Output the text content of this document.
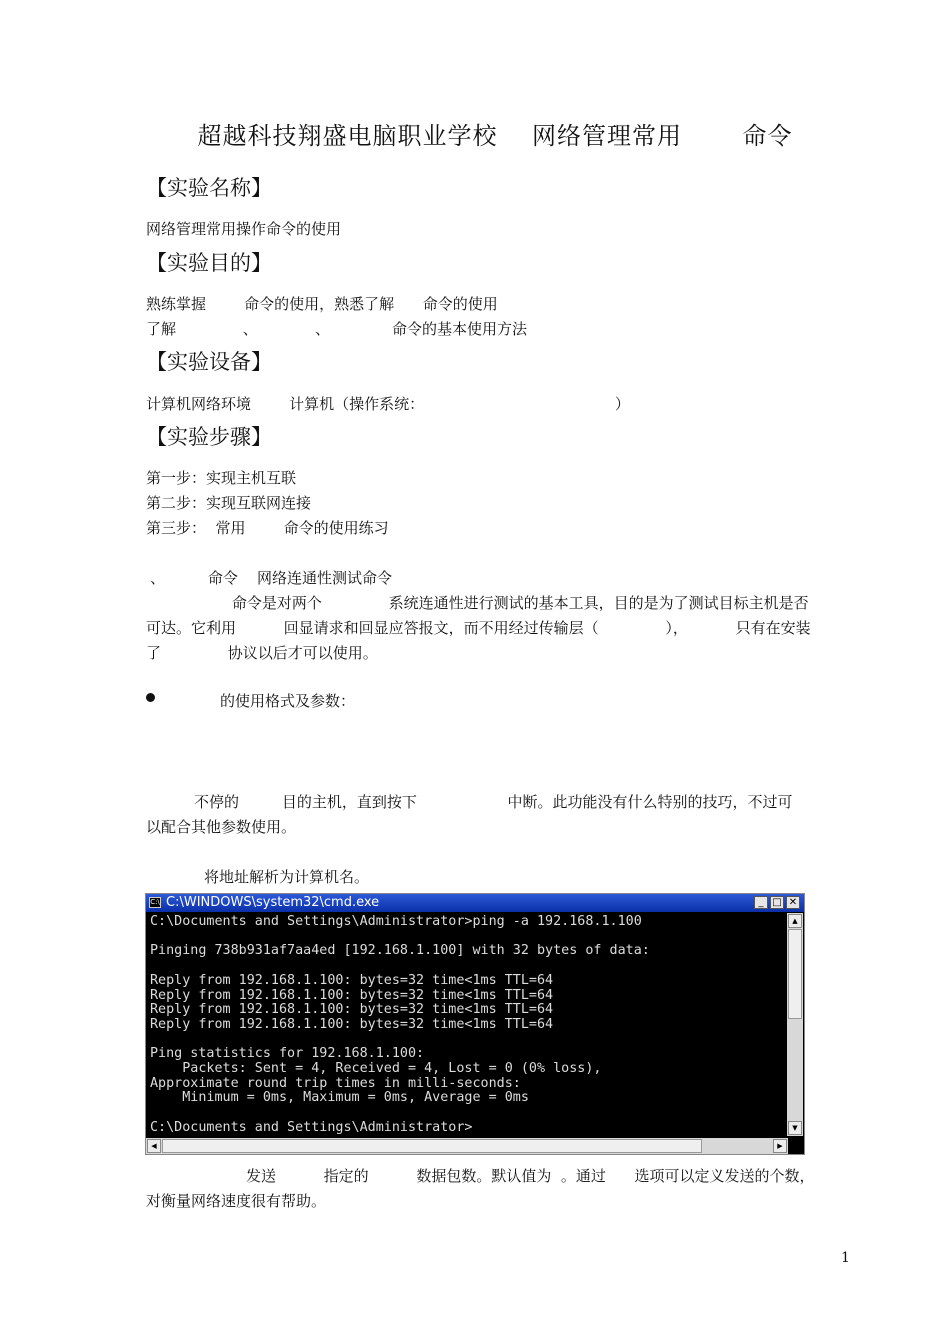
超越科技翔盛电脑职业学校    网络管理常用       命令
【实验名称】
网络管理常用操作命令的使用
【实验目的】
熟练掌握        命令的使用，熟悉了解      命令的使用
了解              、            、             命令的基本使用方法
【实验设备】
计算机网络环境        计算机（操作系统：                                        ）
【实验步骤】
第一步：实现主机互联
第二步：实现互联网连接
第三步：  常用        命令的使用练习
、         命令    网络连通性测试命令
命令是对两个              系统连通性进行测试的基本工具，目的是为了测试目标主机是否
可达。它利用          回显请求和回显应答报文，而不用经过传输层（              ），          只有在安装
了              协议以后才可以使用。
的使用格式及参数：
不停的         目的主机，直到按下                   中断。此功能没有什么特别的技巧，不过可
以配合其他参数使用。
将地址解析为计算机名。
C:\ C:\WINDOWS\system32\cmd.exe	_ □ ✕
C:\Documents and Settings\Administrator>ping -a 192.168.1.100
Pinging 738b931af7aa4ed [192.168.1.100] with 32 bytes of data:
Reply from 192.168.1.100: bytes=32 time<1ms TTL=64
Reply from 192.168.1.100: bytes=32 time<1ms TTL=64
Reply from 192.168.1.100: bytes=32 time<1ms TTL=64
Reply from 192.168.1.100: bytes=32 time<1ms TTL=64
Ping statistics for 192.168.1.100:
Packets: Sent = 4, Received = 4, Lost = 0 (0% loss),
Approximate round trip times in milli-seconds:
Minimum = 0ms, Maximum = 0ms, Average = 0ms
C:\Documents and Settings\Administrator>
▲
▼
◀	▶
发送          指定的          数据包数。默认值为  。通过      选项可以定义发送的个数，
对衡量网络速度很有帮助。
1
